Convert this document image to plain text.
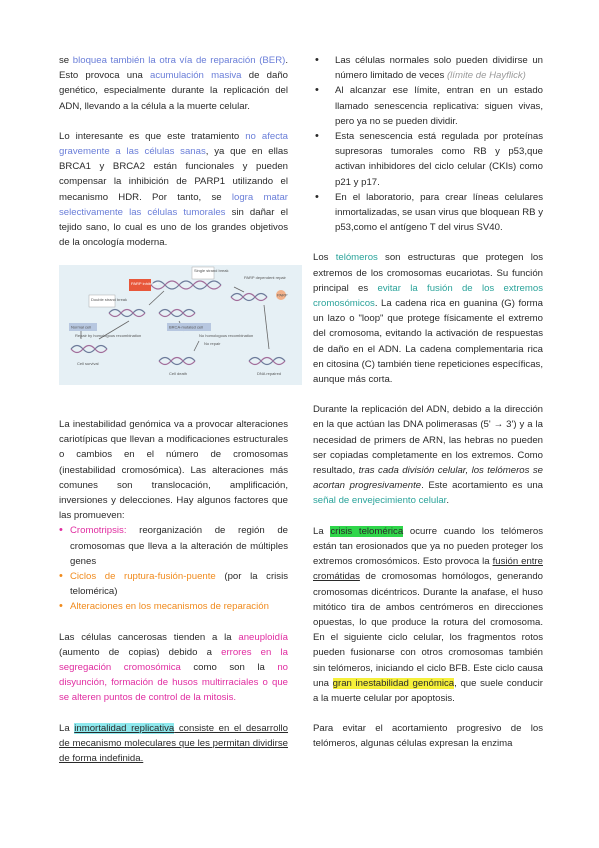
se bloquea también la otra vía de reparación (BER). Esto provoca una acumulación masiva de daño genético, especialmente durante la replicación del ADN, llevando a la célula a la muerte celular.

Lo interesante es que este tratamiento no afecta gravemente a las células sanas, ya que en ellas BRCA1 y BRCA2 están funcionales y pueden compensar la inhibición de PARP1 utilizando el mecanismo HDR. Por tanto, se logra matar selectivamente las células tumorales sin dañar el tejido sano, lo cual es uno de los grandes objetivos de la oncología moderna.

Single strand break
PARP inhibitors
Double strand break
PARP dependent repair
PARP
Normal cell	BRCA-mutated cell
Repair by homologous recombination	No homologous recombination
No repair
Cell survival
Cell death	DNA repaired

La inestabilidad genómica va a provocar alteraciones cariotípicas que llevan a modificaciones estructurales o cambios en el número de cromosomas (inestabilidad cromosómica). Las alteraciones más comunes son translocación, amplificación, inversiones y delecciones. Hay algunos factores que las promueven:

• Cromotripsis: reorganización de región de cromosomas que lleva a la alteración de múltiples genes
• Ciclos de ruptura-fusión-puente (por la crisis telomérica)
• Alteraciones en los mecanismos de reparación

Las células cancerosas tienden a la aneuploidía (aumento de copias) debido a errores en la segregación cromosómica como son la no disyunción, formación de husos multirraciales o que se alteren puntos de control de la mitosis.

La inmortalidad replicativa consiste en el desarrollo de mecanismo moleculares que les permitan dividirse de forma indefinida.

• Las células normales solo pueden dividirse un número limitado de veces (límite de Hayflick)
• Al alcanzar ese límite, entran en un estado llamado senescencia replicativa: siguen vivas, pero ya no se pueden dividir.
• Esta senescencia está regulada por proteínas supresoras tumorales como RB y p53,que activan inhibidores del ciclo celular (CKIs) como p21 y p17.
• En el laboratorio, para crear líneas celulares inmortalizadas, se usan virus que bloquean RB y p53,como el antígeno T del virus SV40.

Los telómeros son estructuras que protegen los extremos de los cromosomas eucariotas. Su función principal es evitar la fusión de los extremos cromosómicos. La cadena rica en guanina (G) forma un lazo o "loop" que protege físicamente el extremo del cromosoma, evitando la activación de respuestas de daño en el ADN. La cadena complementaria rica en citosina (C) también tiene repeticiones específicas, aunque más corta.

Durante la replicación del ADN, debido a la dirección en la que actúan las DNA polimerasas (5' → 3') y a la necesidad de primers de ARN, las hebras no pueden ser copiadas completamente en los extremos. Como resultado, tras cada división celular, los telómeros se acortan progresivamente. Este acortamiento es una señal de envejecimiento celular.

La crisis telomérica ocurre cuando los telómeros están tan erosionados que ya no pueden proteger los extremos cromosómicos. Esto provoca la fusión entre cromátidas de cromosomas homólogos, generando cromosomas dicéntricos. Durante la anafase, el huso mitótico tira de ambos centrómeros en direcciones opuestas, lo que produce la rotura del cromosoma. En el siguiente ciclo celular, los fragmentos rotos pueden fusionarse con otros cromosomas también sin telómeros, iniciando el ciclo BFB. Este ciclo causa una gran inestabilidad genómica, que suele conducir a la muerte celular por apoptosis.

Para evitar el acortamiento progresivo de los telómeros, algunas células expresan la enzima
